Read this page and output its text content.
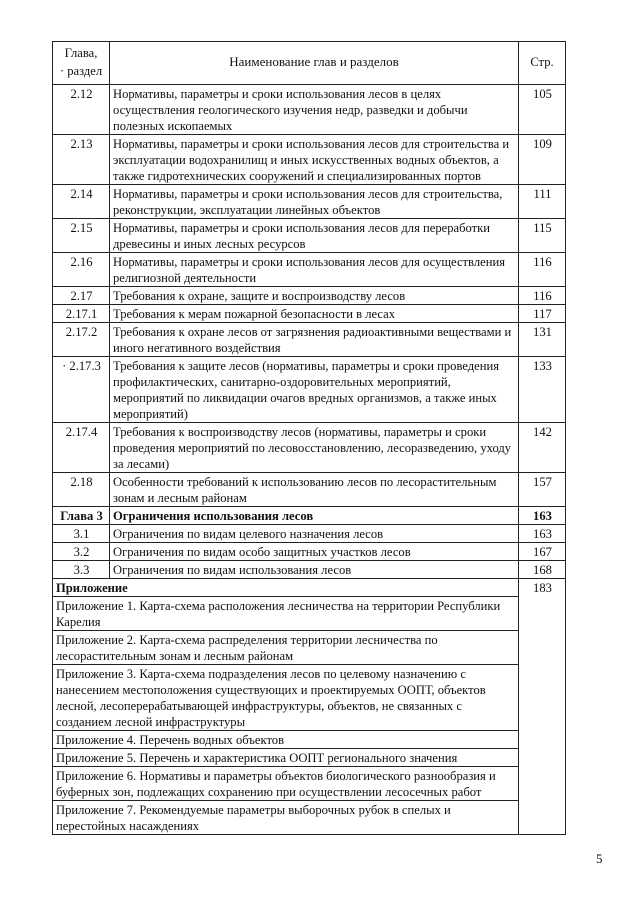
Глава,
· раздел	Наименование глав и разделов	Стр.
2.12	Нормативы, параметры и сроки использования лесов в целях осуществления геологического изучения недр, разведки и добычи полезных ископаемых	105
2.13	Нормативы, параметры и сроки использования лесов для строительства и эксплуатации водохранилищ и иных искусственных водных объектов, а также гидротехнических сооружений и специализированных портов	109
2.14	Нормативы, параметры и сроки использования лесов для строительства, реконструкции, эксплуатации линейных объектов	111
2.15	Нормативы, параметры и сроки использования лесов для переработки древесины и иных лесных ресурсов	115
2.16	Нормативы, параметры и сроки использования лесов для осуществления религиозной деятельности	116
2.17	Требования к охране, защите и воспроизводству лесов	116
2.17.1	Требования к мерам пожарной безопасности в лесах	117
2.17.2	Требования к охране лесов от загрязнения радиоактивными веществами и иного негативного воздействия	131
· 2.17.3	Требования к защите лесов (нормативы, параметры и сроки проведения профилактических, санитарно-оздоровительных мероприятий, мероприятий по ликвидации очагов вредных организмов, а также иных мероприятий)	133
2.17.4	Требования к воспроизводству лесов (нормативы, параметры и сроки проведения мероприятий по лесовосстановлению, лесоразведению, уходу за лесами)	142
2.18	Особенности требований к использованию лесов по лесорастительным зонам и лесным районам	157
Глава 3	Ограничения использования лесов	163
3.1	Ограничения по видам целевого назначения лесов	163
3.2	Ограничения по видам особо защитных участков лесов	167
3.3	Ограничения по видам использования лесов	168
Приложение		183
Приложение 1. Карта-схема расположения лесничества на территории Республики Карелия		
Приложение 2. Карта-схема распределения территории лесничества по лесорастительным зонам и лесным районам		
Приложение 3. Карта-схема подразделения лесов по целевому назначению с нанесением местоположения существующих и проектируемых ООПТ, объектов лесной, лесоперерабатывающей инфраструктуры, объектов, не связанных с созданием лесной инфраструктуры		
Приложение 4. Перечень водных объектов		
Приложение 5. Перечень и характеристика ООПТ регионального значения		
Приложение 6. Нормативы и параметры объектов биологического разнообразия и буферных зон, подлежащих сохранению при осуществлении лесосечных работ		
Приложение 7. Рекомендуемые параметры выборочных рубок в спелых и перестойных насаждениях		
5
